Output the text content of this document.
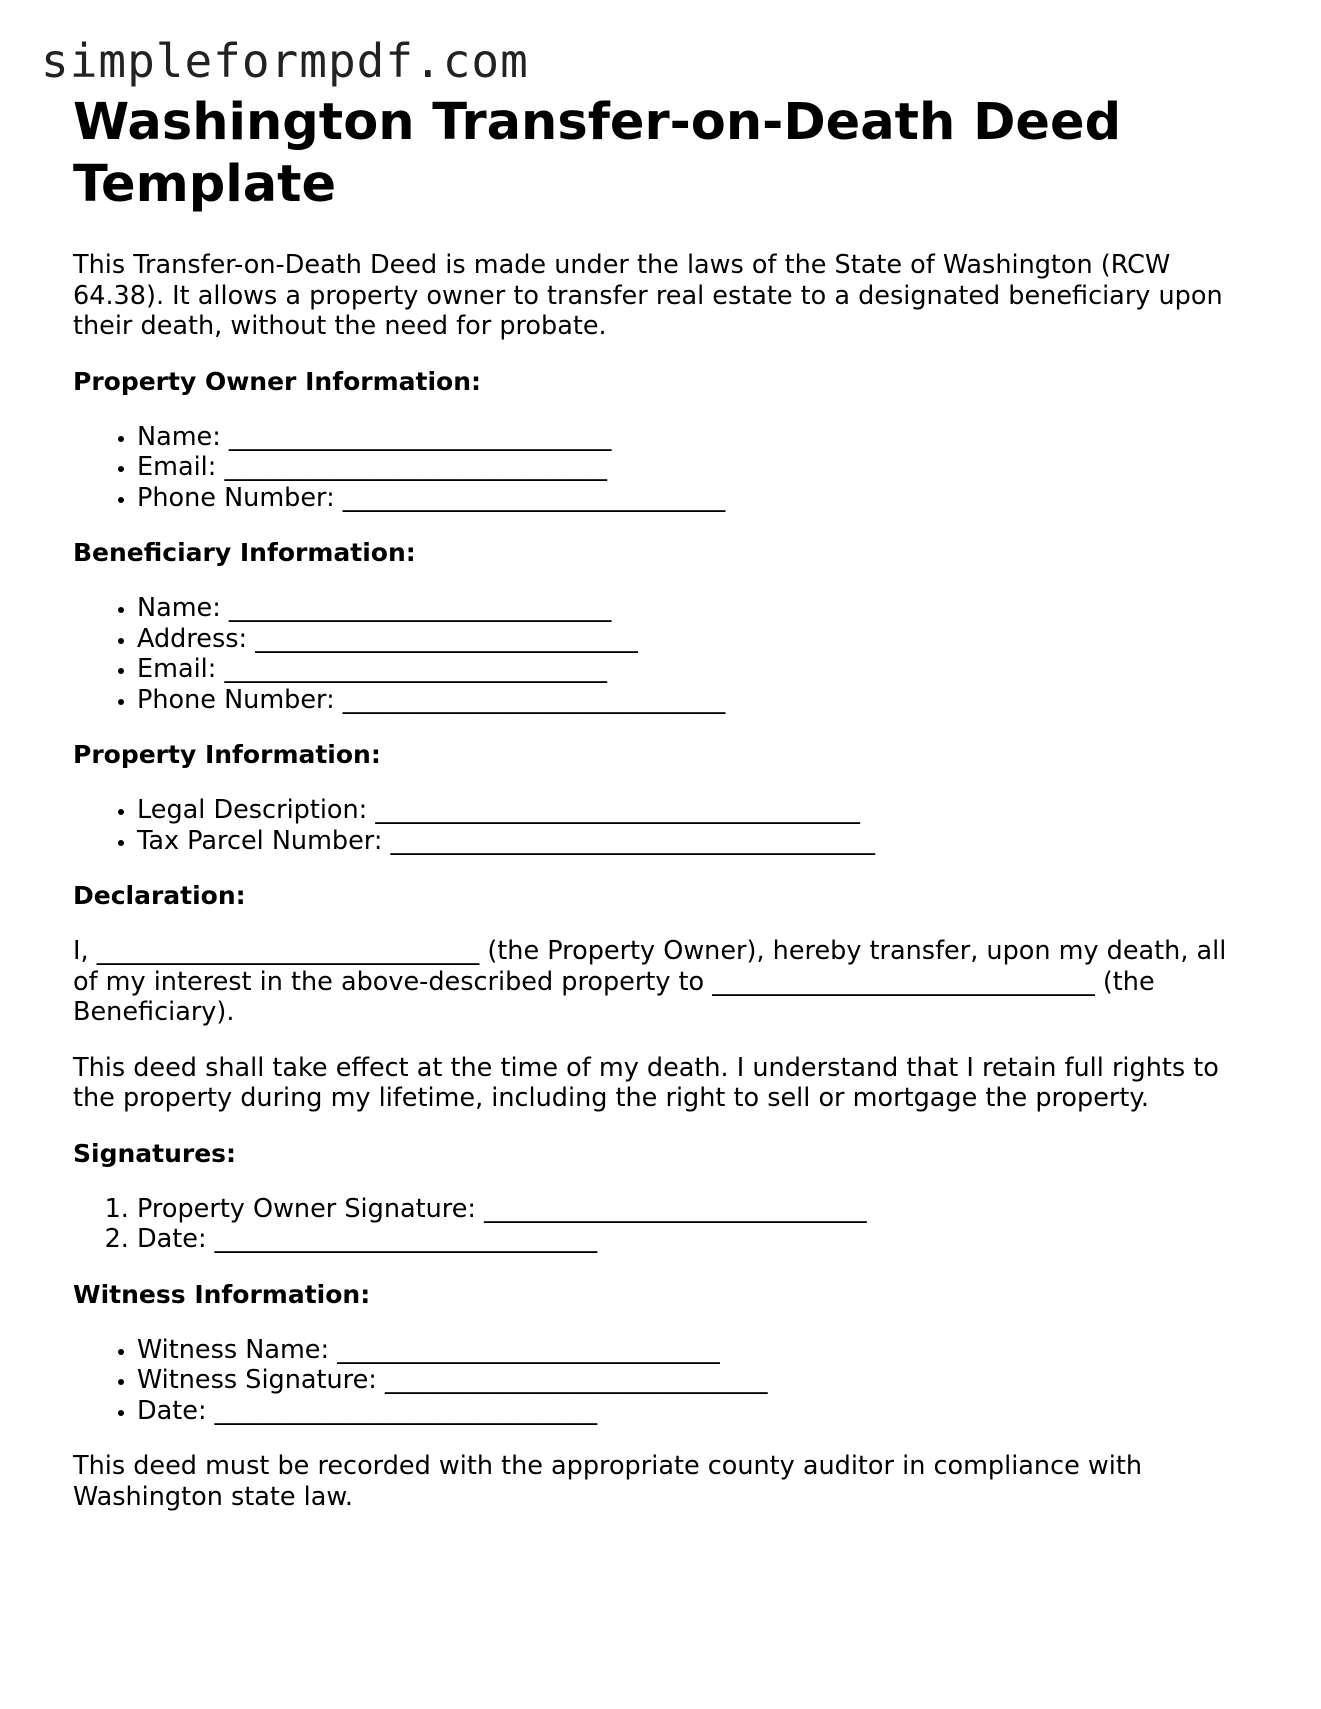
simpleformpdf.com
Washington Transfer-on-Death Deed Template

This Transfer-on-Death Deed is made under the laws of the State of Washington (RCW 64.38). It allows a property owner to transfer real estate to a designated beneficiary upon their death, without the need for probate.

Property Owner Information:
• Name: ______________________________
• Email: ______________________________
• Phone Number: ______________________________
Beneficiary Information:
• Name: ______________________________
• Address: ______________________________
• Email: ______________________________
• Phone Number: ______________________________
Property Information:
• Legal Description: ______________________________________
• Tax Parcel Number: ______________________________________
Declaration:

I, ______________________________ (the Property Owner), hereby transfer, upon my death, all of my interest in the above-described property to ______________________________ (the Beneficiary).

This deed shall take effect at the time of my death. I understand that I retain full rights to the property during my lifetime, including the right to sell or mortgage the property.

Signatures:
1. Property Owner Signature: ______________________________
2. Date: ______________________________
Witness Information:
• Witness Name: ______________________________
• Witness Signature: ______________________________
• Date: ______________________________

This deed must be recorded with the appropriate county auditor in compliance with Washington state law.
